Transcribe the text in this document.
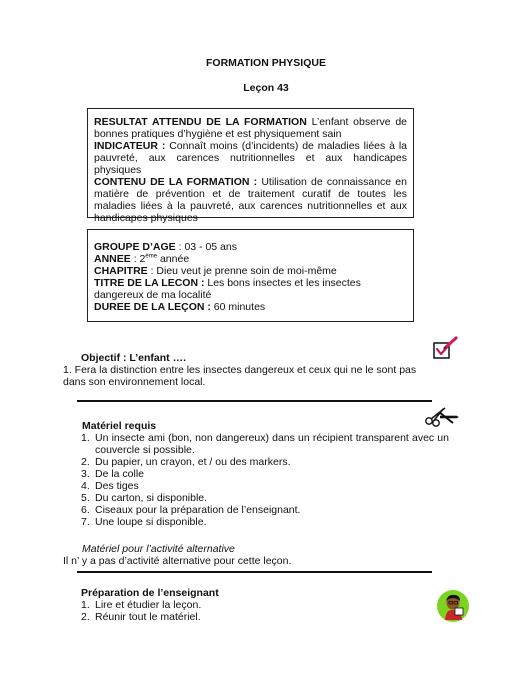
FORMATION PHYSIQUE
Leçon 43
RESULTAT ATTENDU DE LA FORMATION L’enfant observe de bonnes pratiques d’hygiène et est physiquement sain
INDICATEUR : Connaît moins (d’incidents) de maladies liées à la pauvreté, aux carences nutritionnelles et aux handicapes physiques
CONTENU DE LA FORMATION : Utilisation de connaissance en matière de prévention et de traitement curatif de toutes les maladies liées à la pauvreté, aux carences nutritionnelles et aux handicapes physiques
GROUPE D’AGE : 03 - 05 ans
ANNEE : 2ème année
CHAPITRE : Dieu veut je prenne soin de moi-même
TITRE DE LA LECON : Les bons insectes et les insectes dangereux de ma localité
DUREE DE LA LEÇON : 60 minutes
Objectif : L’enfant ….
1. Fera la distinction entre les insectes dangereux et ceux qui ne le sont pas dans son environnement local.
Matériel requis
1. Un insecte ami (bon, non dangereux) dans un récipient transparent avec un couvercle si possible.
2. Du papier, un crayon, et / ou des markers.
3. De la colle
4. Des tiges
5. Du carton, si disponible.
6. Ciseaux pour la préparation de l’enseignant.
7. Une loupe si disponible.
Matériel pour l’activité alternative
Il n’ y a pas d’activité alternative pour cette leçon.
Préparation de l’enseignant
1. Lire et étudier la leçon.
2. Réunir tout le matériel.
